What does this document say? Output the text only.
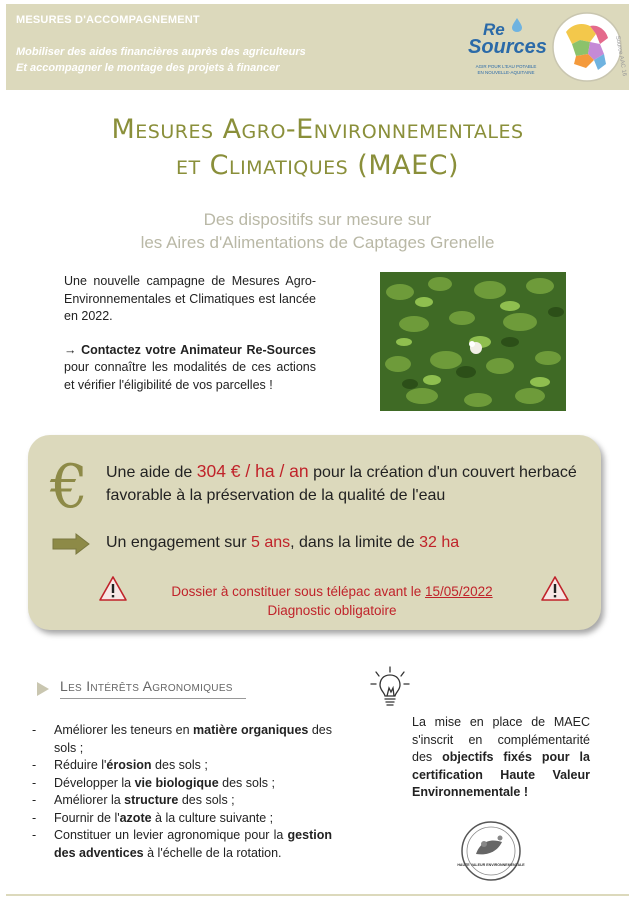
MESURES D'ACCOMPAGNEMENT
Mobiliser des aides financières auprès des agriculteurs
Et accompagner le montage des projets à financer
Re
Sources
AGIR POUR L'EAU POTABLE
EN NOUVELLE-AQUITAINE	Source AAC 16
Mesures Agro-Environnementales
et Climatiques (MAEC)
Des dispositifs sur mesure sur
les Aires d'Alimentations de Captages Grenelle

Une nouvelle campagne de Mesures Agro-Environnementales et Climatiques est lancée en 2022.

→ Contactez votre Animateur Re-Sources pour connaître les modalités de ces actions et vérifier l'éligibilité de vos parcelles !

€ Une aide de 304 € / ha / an pour la création d'un couvert herbacé favorable à la préservation de la qualité de l'eau
Un engagement sur 5 ans, dans la limite de 32 ha
Dossier à constituer sous télépac avant le 15/05/2022
Diagnostic obligatoire
Les Intérêts Agronomiques
- Améliorer les teneurs en matière organiques des sols ;
- Réduire l'érosion des sols ;
- Développer la vie biologique des sols ;
- Améliorer la structure des sols ;
- Fournir de l'azote à la culture suivante ;
- Constituer un levier agronomique pour la gestion des adventices à l'échelle de la rotation.
La mise en place de MAEC s'inscrit en complémentarité des objectifs fixés pour la certification Haute Valeur Environnementale !
HAUTE VALEUR ENVIRONNEMENTALE
